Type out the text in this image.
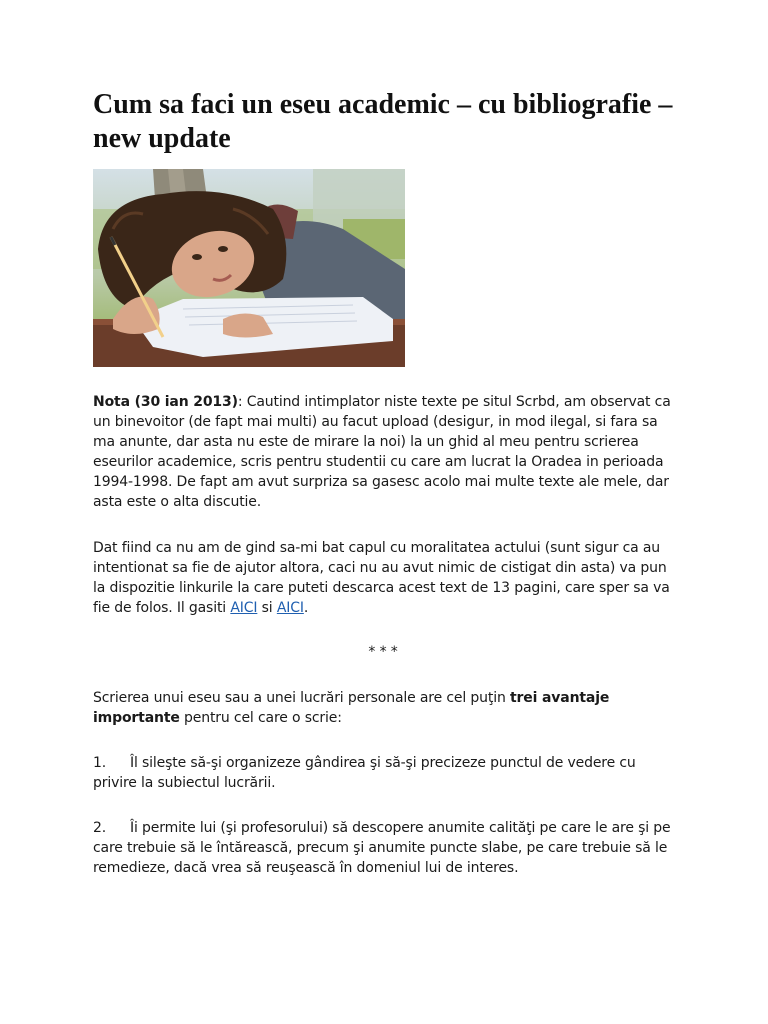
Cum sa faci un eseu academic – cu bibliografie – new update

Nota (30 ian 2013): Cautind intimplator niste texte pe situl Scrbd, am observat ca un binevoitor (de fapt mai multi) au facut upload (desigur, in mod ilegal, si fara sa ma anunte, dar asta nu este de mirare la noi) la un ghid al meu pentru scrierea eseurilor academice, scris pentru studentii cu care am lucrat la Oradea in perioada 1994-1998. De fapt am avut surpriza sa gasesc acolo mai multe texte ale mele, dar asta este o alta discutie.

Dat fiind ca nu am de gind sa-mi bat capul cu moralitatea actului (sunt sigur ca au intentionat sa fie de ajutor altora, caci nu au avut nimic de cistigat din asta) va pun la dispozitie linkurile la care puteti descarca acest text de 13 pagini, care sper sa va fie de folos. Il gasiti AICI si AICI.

* * *

Scrierea unui eseu sau a unei lucrări personale are cel puţin trei avantaje importante pentru cel care o scrie:

1. Îl sileşte să-şi organizeze gândirea şi să-şi precizeze punctul de vedere cu privire la subiectul lucrării.

2. Îi permite lui (şi profesorului) să descopere anumite calităţi pe care le are şi pe care trebuie să le întărească, precum şi anumite puncte slabe, pe care trebuie să le remedieze, dacă vrea să reuşească în domeniul lui de interes.
